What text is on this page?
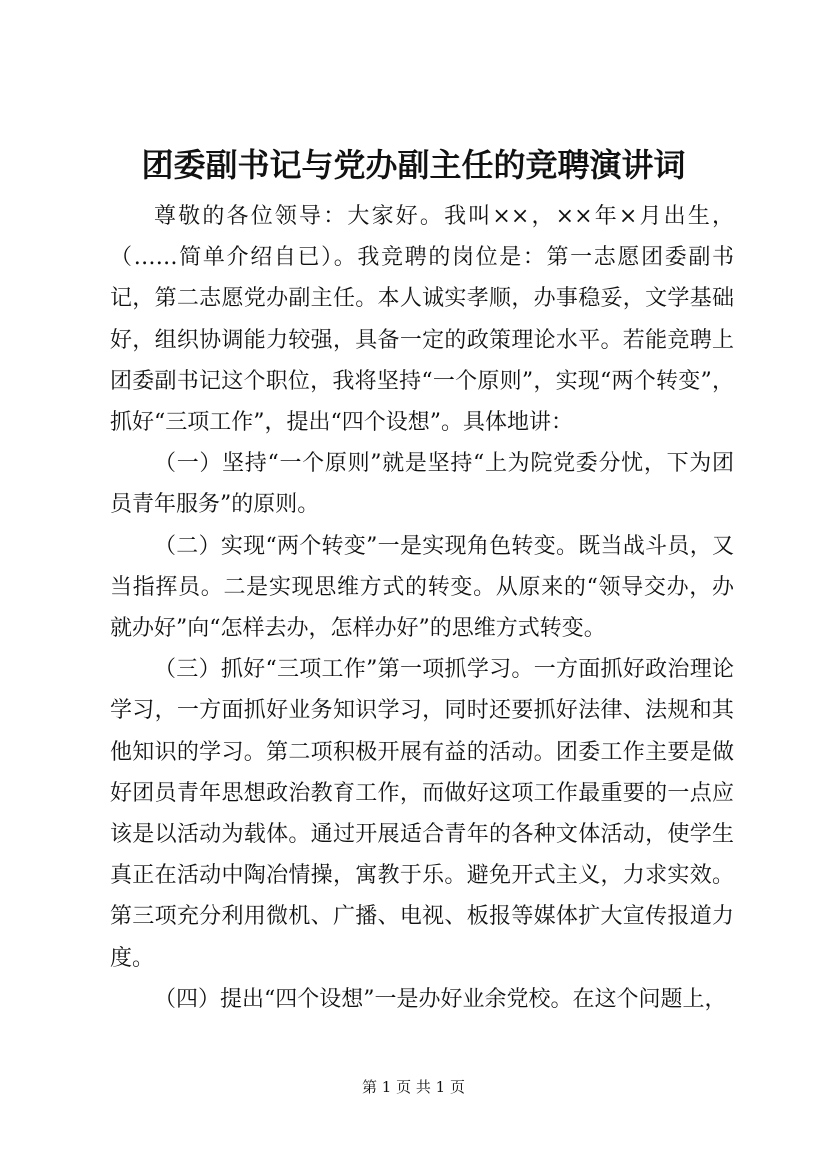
团委副书记与党办副主任的竞聘演讲词

尊敬的各位领导：大家好。我叫××，××年×月出生，（……简单介绍自已）。我竞聘的岗位是：第一志愿团委副书记，第二志愿党办副主任。本人诚实孝顺，办事稳妥，文学基础好，组织协调能力较强，具备一定的政策理论水平。若能竞聘上团委副书记这个职位，我将坚持“一个原则”，实现“两个转变”，抓好“三项工作”，提出“四个设想”。具体地讲：

（一）坚持“一个原则”就是坚持“上为院党委分忧，下为团员青年服务”的原则。

（二）实现“两个转变”一是实现角色转变。既当战斗员，又当指挥员。二是实现思维方式的转变。从原来的“领导交办，办就办好”向“怎样去办，怎样办好”的思维方式转变。

（三）抓好“三项工作”第一项抓学习。一方面抓好政治理论学习，一方面抓好业务知识学习，同时还要抓好法律、法规和其他知识的学习。第二项积极开展有益的活动。团委工作主要是做好团员青年思想政治教育工作，而做好这项工作最重要的一点应该是以活动为载体。通过开展适合青年的各种文体活动，使学生真正在活动中陶冶情操，寓教于乐。避免开式主义，力求实效。第三项充分利用微机、广播、电视、板报等媒体扩大宣传报道力度。

（四）提出“四个设想”一是办好业余党校。在这个问题上，

第 1 页 共 1 页
